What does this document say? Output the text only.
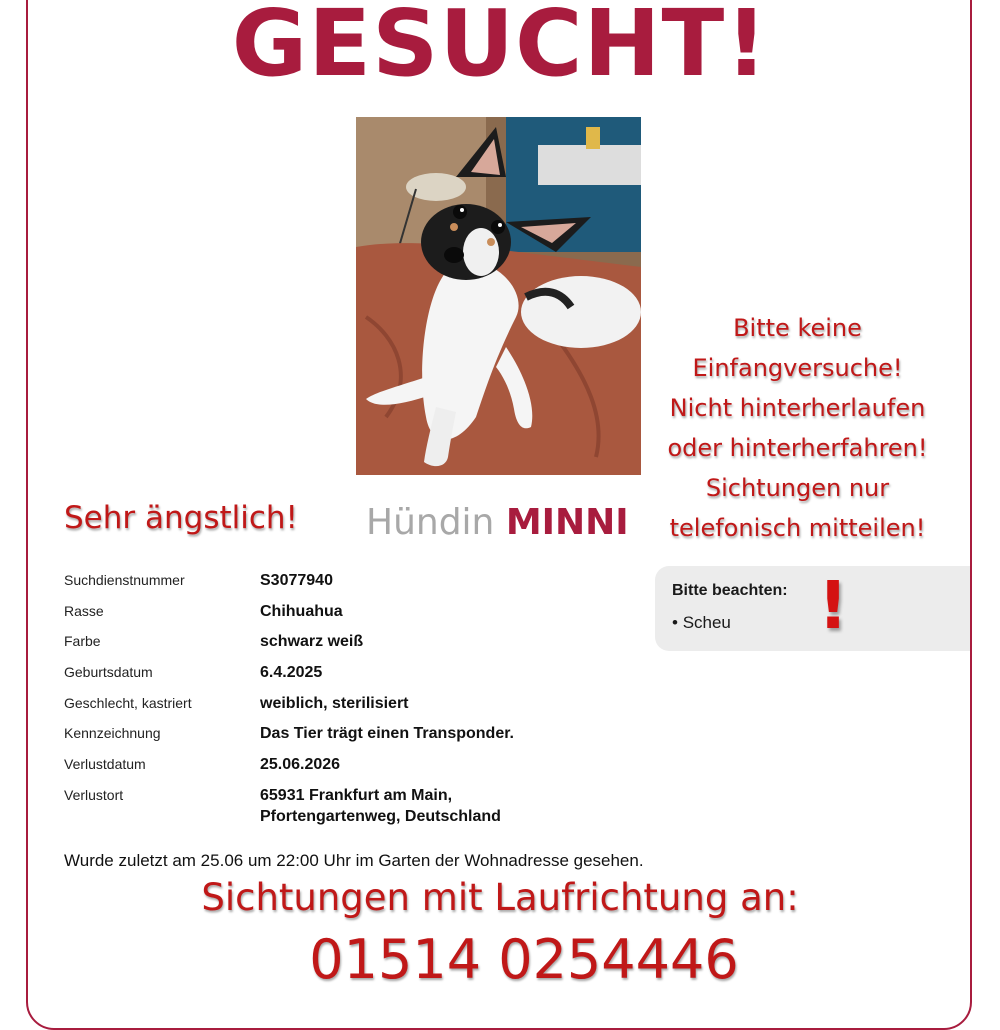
GESUCHT!
Bitte keine
Einfangversuche!
Nicht hinterherlaufen
oder hinterherfahren!
Sichtungen nur
telefonisch mitteilen!
Sehr ängstlich! Hündin MINNI
Suchdienstnummer	S3077940
Rasse	Chihuahua
Farbe	schwarz weiß
Geburtsdatum	6.4.2025
Geschlecht, kastriert	weiblich, sterilisiert
Kennzeichnung	Das Tier trägt einen Transponder.
Verlustdatum	25.06.2026
Verlustort	65931 Frankfurt am Main,
Pfortengartenweg, Deutschland
Bitte beachten:
• Scheu !
Wurde zuletzt am 25.06 um 22:00 Uhr im Garten der Wohnadresse gesehen.
Sichtungen mit Laufrichtung an:
01514 0254446
